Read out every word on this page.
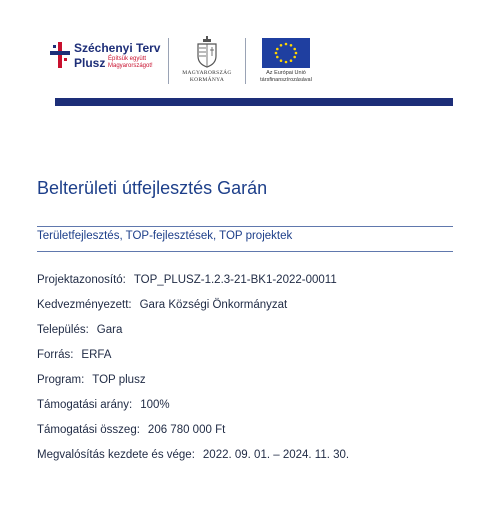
Széchenyi Terv
Plusz Építsük együtt Magyarországot!
MAGYARORSZÁG
KORMÁNYA
Az Európai Unió
társfinanszírozásával
Belterületi útfejlesztés Garán
Területfejlesztés, TOP-fejlesztések, TOP projektek
Projektazonosító: TOP_PLUSZ-1.2.3-21-BK1-2022-00011
Kedvezményezett: Gara Községi Önkormányzat
Település: Gara
Forrás: ERFA
Program: TOP plusz
Támogatási arány: 100%
Támogatási összeg: 206 780 000 Ft
Megvalósítás kezdete és vége: 2022. 09. 01. – 2024. 11. 30.
